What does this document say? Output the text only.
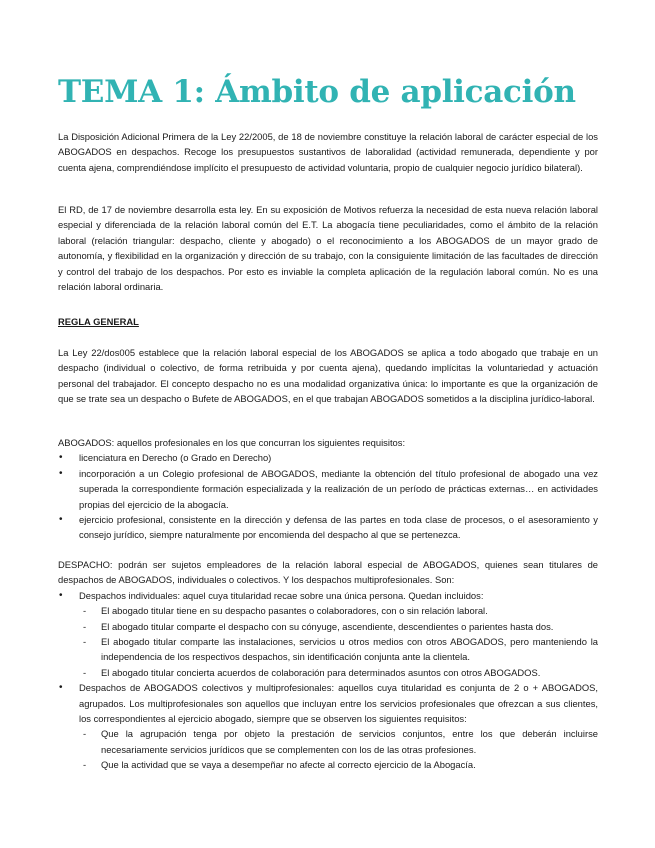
TEMA 1: Ámbito de aplicación

La Disposición Adicional Primera de la Ley 22/2005, de 18 de noviembre constituye la relación laboral de carácter especial de los ABOGADOS en despachos. Recoge los presupuestos sustantivos de laboralidad (actividad remunerada, dependiente y por cuenta ajena, comprendiéndose implícito el presupuesto de actividad voluntaria, propio de cualquier negocio jurídico bilateral).

El RD, de 17 de noviembre desarrolla esta ley. En su exposición de Motivos refuerza la necesidad de esta nueva relación laboral especial y diferenciada de la relación laboral común del E.T. La abogacía tiene peculiaridades, como el ámbito de la relación laboral (relación triangular: despacho, cliente y abogado) o el reconocimiento a los ABOGADOS de un mayor grado de autonomía, y flexibilidad en la organización y dirección de su trabajo, con la consiguiente limitación de las facultades de dirección y control del trabajo de los despachos. Por esto es inviable la completa aplicación de la regulación laboral común. No es una relación laboral ordinaria.

REGLA GENERAL

La Ley 22/dos005 establece que la relación laboral especial de los ABOGADOS se aplica a todo abogado que trabaje en un despacho (individual o colectivo, de forma retribuida y por cuenta ajena), quedando implícitas la voluntariedad y actuación personal del trabajador. El concepto despacho no es una modalidad organizativa única: lo importante es que la organización de que se trate sea un despacho o Bufete de ABOGADOS, en el que trabajan ABOGADOS sometidos a la disciplina jurídico-laboral.

ABOGADOS: aquellos profesionales en los que concurran los siguientes requisitos:
• licenciatura en Derecho (o Grado en Derecho)
• incorporación a un Colegio profesional de ABOGADOS, mediante la obtención del título profesional de abogado una vez superada la correspondiente formación especializada y la realización de un período de prácticas externas… en actividades propias del ejercicio de la abogacía.
• ejercicio profesional, consistente en la dirección y defensa de las partes en toda clase de procesos, o el asesoramiento y consejo jurídico, siempre naturalmente por encomienda del despacho al que se pertenezca.
DESPACHO: podrán ser sujetos empleadores de la relación laboral especial de ABOGADOS, quienes sean titulares de despachos de ABOGADOS, individuales o colectivos. Y los despachos multiprofesionales. Son:
• Despachos individuales: aquel cuya titularidad recae sobre una única persona. Quedan incluidos:
- El abogado titular tiene en su despacho pasantes o colaboradores, con o sin relación laboral.
- El abogado titular comparte el despacho con su cónyuge, ascendiente, descendientes o parientes hasta dos.
- El abogado titular comparte las instalaciones, servicios u otros medios con otros ABOGADOS, pero manteniendo la independencia de los respectivos despachos, sin identificación conjunta ante la clientela.
- El abogado titular concierta acuerdos de colaboración para determinados asuntos con otros ABOGADOS.
• Despachos de ABOGADOS colectivos y multiprofesionales: aquellos cuya titularidad es conjunta de 2 o + ABOGADOS, agrupados. Los multiprofesionales son aquellos que incluyan entre los servicios profesionales que ofrezcan a sus clientes, los correspondientes al ejercicio abogado, siempre que se observen los siguientes requisitos:
- Que la agrupación tenga por objeto la prestación de servicios conjuntos, entre los que deberán incluirse necesariamente servicios jurídicos que se complementen con los de las otras profesiones.
- Que la actividad que se vaya a desempeñar no afecte al correcto ejercicio de la Abogacía.
